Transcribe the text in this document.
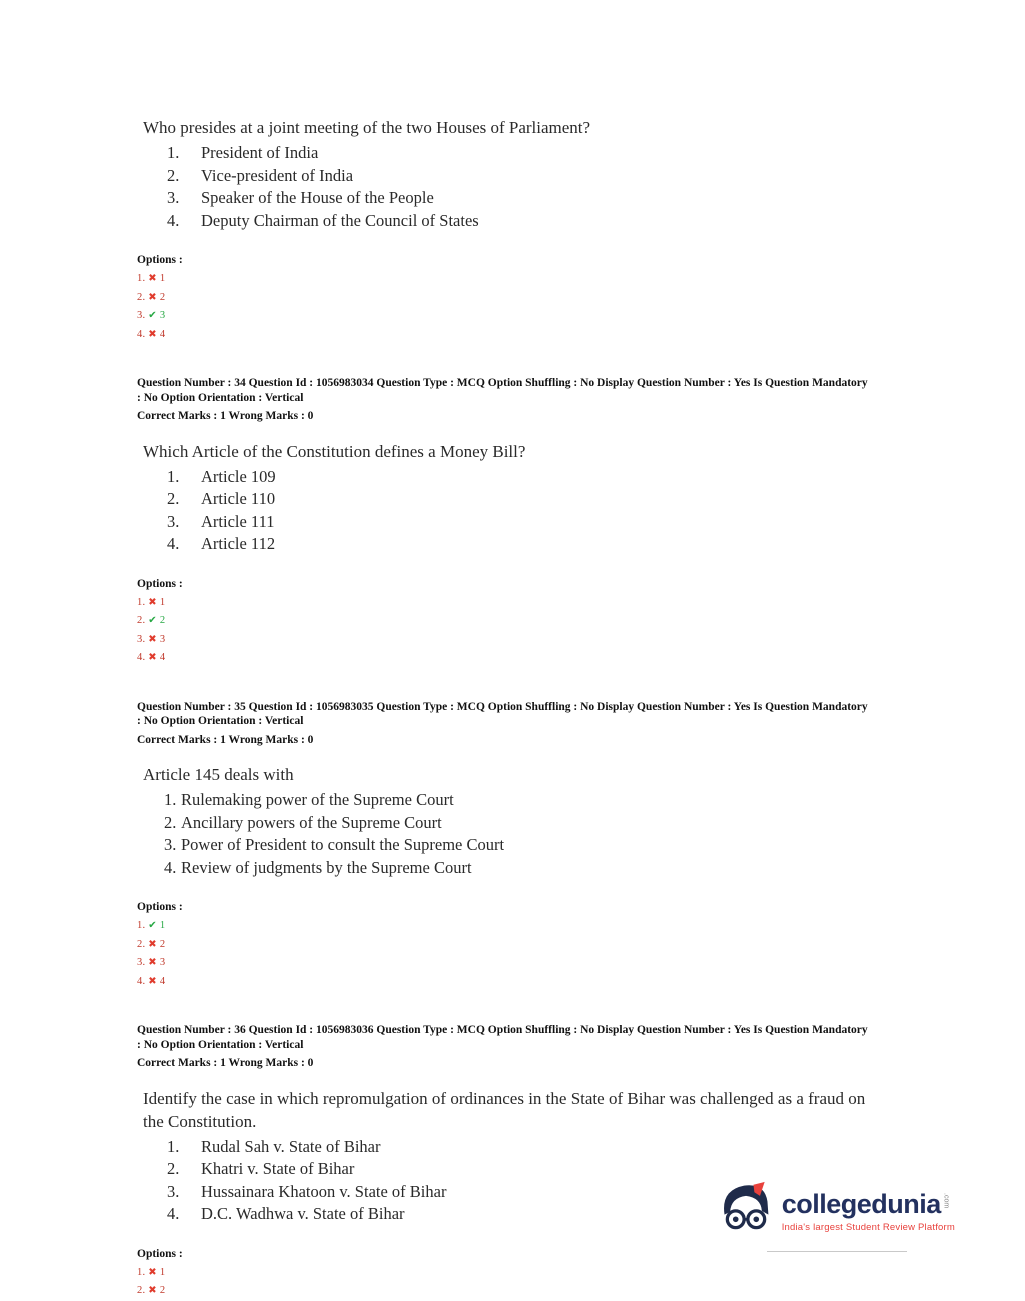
Who presides at a joint meeting of the two Houses of Parliament?
1.	President of India
2.	Vice-president of India
3.	Speaker of the House of the People
4.	Deputy Chairman of the Council of States
Options :
1. ✖ 1
2. ✖ 2
3. ✔ 3
4. ✖ 4
Question Number : 34 Question Id : 1056983034 Question Type : MCQ Option Shuffling : No Display Question Number : Yes Is Question Mandatory : No Option Orientation : Vertical
Correct Marks : 1 Wrong Marks : 0
Which Article of the Constitution defines a Money Bill?
1.	Article 109
2.	Article 110
3.	Article 111
4.	Article 112
Options :
1. ✖ 1
2. ✔ 2
3. ✖ 3
4. ✖ 4
Question Number : 35 Question Id : 1056983035 Question Type : MCQ Option Shuffling : No Display Question Number : Yes Is Question Mandatory : No Option Orientation : Vertical
Correct Marks : 1 Wrong Marks : 0
Article 145 deals with
1. Rulemaking power of the Supreme Court
2. Ancillary powers of the Supreme Court
3. Power of President to consult the Supreme Court
4. Review of judgments by the Supreme Court
Options :
1. ✔ 1
2. ✖ 2
3. ✖ 3
4. ✖ 4
Question Number : 36 Question Id : 1056983036 Question Type : MCQ Option Shuffling : No Display Question Number : Yes Is Question Mandatory : No Option Orientation : Vertical
Correct Marks : 1 Wrong Marks : 0
Identify the case in which repromulgation of ordinances in the State of Bihar was challenged as a fraud on the Constitution.
1.	Rudal Sah v. State of Bihar
2.	Khatri v. State of Bihar
3.	Hussainara Khatoon v. State of Bihar
4.	D.C. Wadhwa v. State of Bihar
Options :
1. ✖ 1
2. ✖ 2
collegedunia .com
India's largest Student Review Platform
